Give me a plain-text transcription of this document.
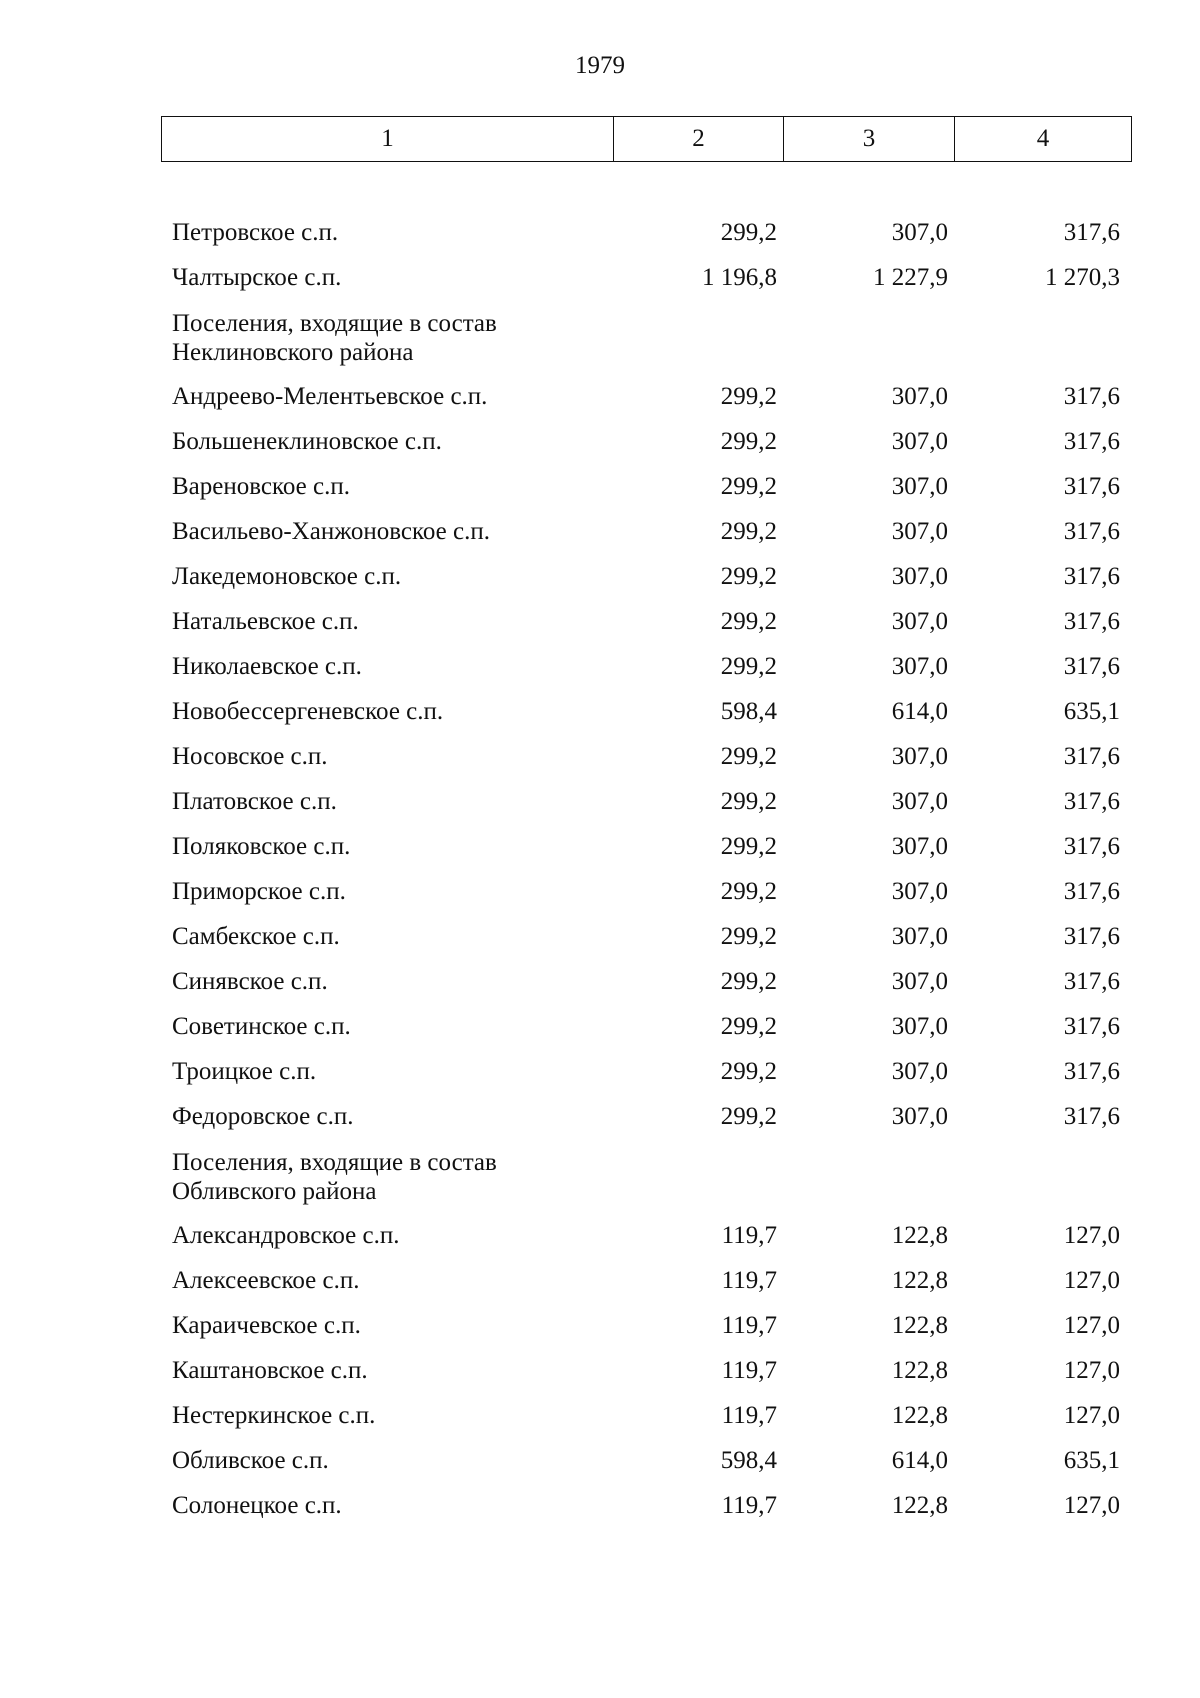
1979
1	2	3	4
Петровское с.п.	299,2	307,0	317,6
Чалтырское с.п.	1 196,8	1 227,9	1 270,3
Поселения, входящие в состав Неклиновского района
Андреево-Мелентьевское с.п.	299,2	307,0	317,6
Большенеклиновское с.п.	299,2	307,0	317,6
Вареновское с.п.	299,2	307,0	317,6
Васильево-Ханжоновское с.п.	299,2	307,0	317,6
Лакедемоновское с.п.	299,2	307,0	317,6
Натальевское с.п.	299,2	307,0	317,6
Николаевское с.п.	299,2	307,0	317,6
Новобессергеневское с.п.	598,4	614,0	635,1
Носовское с.п.	299,2	307,0	317,6
Платовское с.п.	299,2	307,0	317,6
Поляковское с.п.	299,2	307,0	317,6
Приморское с.п.	299,2	307,0	317,6
Самбекское с.п.	299,2	307,0	317,6
Синявское с.п.	299,2	307,0	317,6
Советинское с.п.	299,2	307,0	317,6
Троицкое с.п.	299,2	307,0	317,6
Федоровское с.п.	299,2	307,0	317,6
Поселения, входящие в состав Обливского района
Александровское с.п.	119,7	122,8	127,0
Алексеевское с.п.	119,7	122,8	127,0
Караичевское с.п.	119,7	122,8	127,0
Каштановское с.п.	119,7	122,8	127,0
Нестеркинское с.п.	119,7	122,8	127,0
Обливское с.п.	598,4	614,0	635,1
Солонецкое с.п.	119,7	122,8	127,0
